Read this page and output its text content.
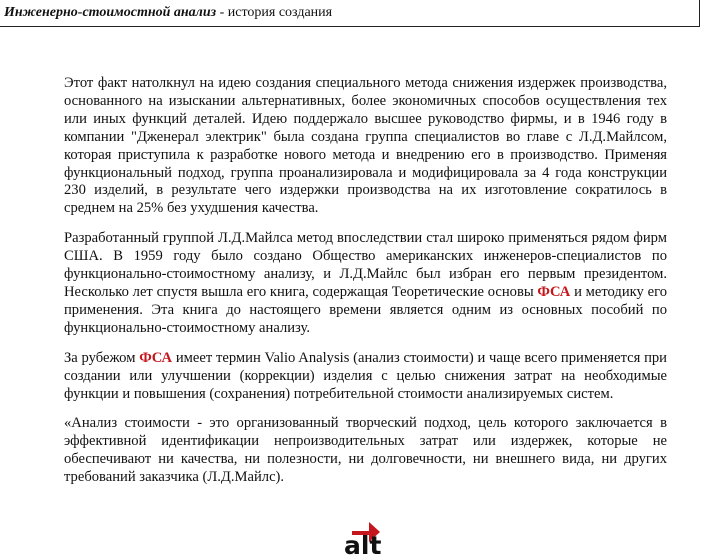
Инженерно-стоимостной анализ - история создания

Этот факт натолкнул на идею создания специального метода снижения издержек производства, основанного на изыскании альтернативных, более экономичных способов осуществления тех или иных функций деталей. Идею поддержало высшее руководство фирмы, и в 1946 году в компании "Дженерал электрик" была создана группа специалистов во главе с Л.Д.Майлсом, которая приступила к разработке нового метода и внедрению его в производство. Применяя функциональный подход, группа проанализировала и модифицировала за 4 года конструкции 230 изделий, в результате чего издержки производства на их изготовление сократилось в среднем на 25% без ухудшения качества.

Разработанный группой Л.Д.Майлса метод впоследствии стал широко применяться рядом фирм США. В 1959 году было создано Общество американских инженеров-специалистов по функционально-стоимостному анализу, и Л.Д.Майлс был избран его первым президентом. Несколько лет спустя вышла его книга, содержащая Теоретические основы ФСА и методику его применения. Эта книга до настоящего времени является одним из основных пособий по функционально-стоимостному анализу.

За рубежом ФСА имеет термин Valio Analysis (анализ стоимости) и чаще всего применяется при создании или улучшении (коррекции) изделия с целью снижения затрат на необходимые функции и повышения (сохранения) потребительной стоимости анализируемых систем.

«Анализ стоимости - это организованный творческий подход, цель которого заключается в эффективной идентификации непроизводительных затрат или издержек, которые не обеспечивают ни качества, ни полезности, ни долговечности, ни внешнего вида, ни других требований заказчика (Л.Д.Майлс).

alt
